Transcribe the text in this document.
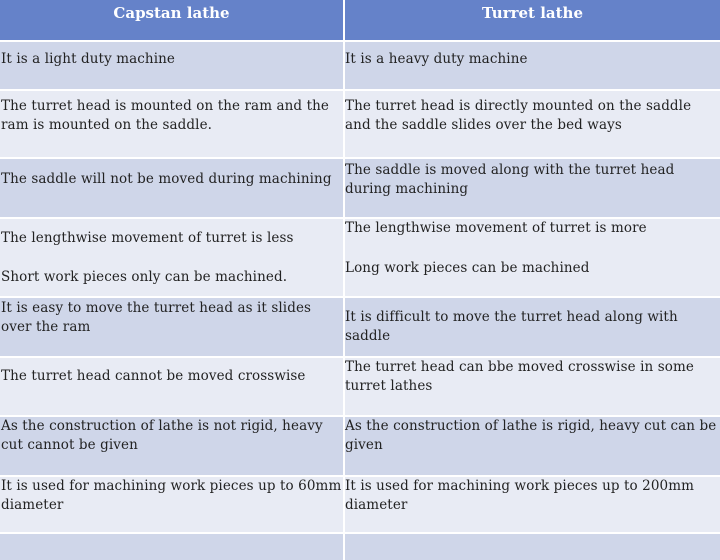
Capstan lathe	Turret lathe
It is a light duty machine	It is a heavy duty machine
The turret head is mounted on the ram and the ram is mounted on the saddle.
The turret head is directly mounted on the saddle and the saddle slides over the bed ways
The saddle will not be moved during machining
The saddle is moved along with the turret head during machining
The lengthwise movement of turret is less
The lengthwise movement of turret is more
Short work pieces only can be machined.
Long work pieces can be machined
It is easy to move the turret head as it slides over the ram
It is difficult to move the turret head along with saddle
The turret head cannot be moved crosswise
The turret head can bbe moved crosswise in some turret lathes
As the construction of lathe is not rigid, heavy cut cannot be given
As the construction of lathe is rigid, heavy cut can be given
It is used for machining work pieces up to 60mm diameter
It is used for machining work pieces up to 200mm diameter
